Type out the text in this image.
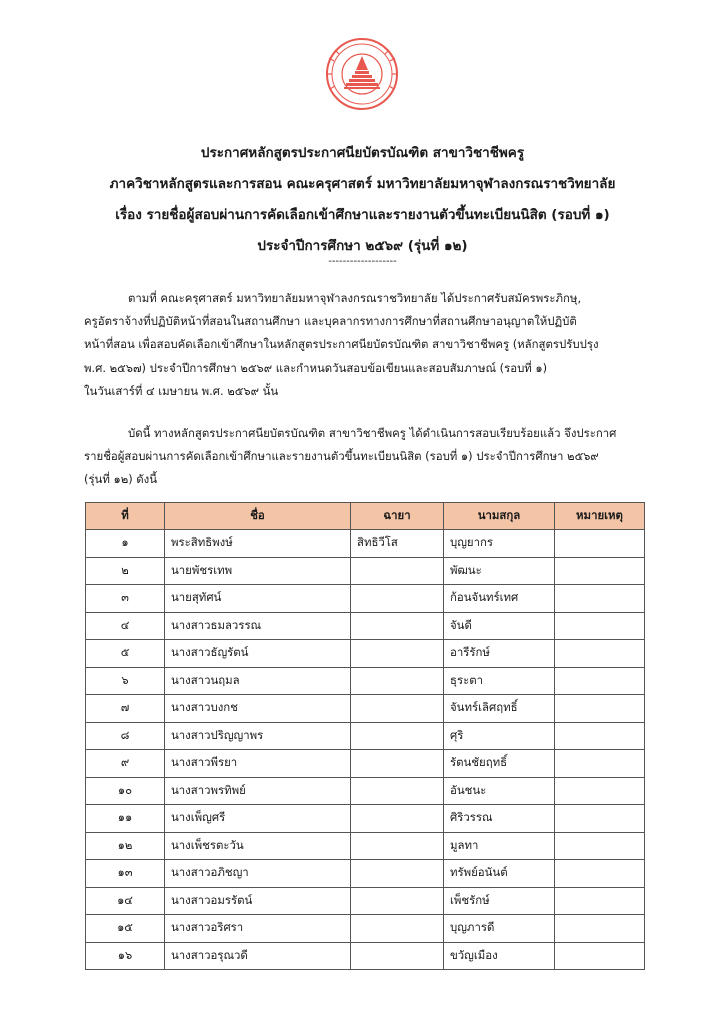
ประกาศหลักสูตรประกาศนียบัตรบัณฑิต สาขาวิชาชีพครู
ภาควิชาหลักสูตรและการสอน คณะครุศาสตร์ มหาวิทยาลัยมหาจุฬาลงกรณราชวิทยาลัย
เรื่อง รายชื่อผู้สอบผ่านการคัดเลือกเข้าศึกษาและรายงานตัวขึ้นทะเบียนนิสิต (รอบที่ ๑)
ประจำปีการศึกษา ๒๕๖๙ (รุ่นที่ ๑๒)
-------------------
ตามที่ คณะครุศาสตร์ มหาวิทยาลัยมหาจุฬาลงกรณราชวิทยาลัย ได้ประกาศรับสมัครพระภิกษุ,
ครูอัตราจ้างที่ปฏิบัติหน้าที่สอนในสถานศึกษา และบุคลากรทางการศึกษาที่สถานศึกษาอนุญาตให้ปฏิบัติ
หน้าที่สอน เพื่อสอบคัดเลือกเข้าศึกษาในหลักสูตรประกาศนียบัตรบัณฑิต สาขาวิชาชีพครู (หลักสูตรปรับปรุง
พ.ศ. ๒๕๖๗) ประจำปีการศึกษา ๒๕๖๙ และกำหนดวันสอบข้อเขียนและสอบสัมภาษณ์ (รอบที่ ๑)
ในวันเสาร์ที่ ๔ เมษายน พ.ศ. ๒๕๖๙ นั้น
บัดนี้ ทางหลักสูตรประกาศนียบัตรบัณฑิต สาขาวิชาชีพครู ได้ดำเนินการสอบเรียบร้อยแล้ว จึงประกาศ
รายชื่อผู้สอบผ่านการคัดเลือกเข้าศึกษาและรายงานตัวขึ้นทะเบียนนิสิต (รอบที่ ๑) ประจำปีการศึกษา ๒๕๖๙
(รุ่นที่ ๑๒) ดังนี้
ที่	ชื่อ	ฉายา	นามสกุล	หมายเหตุ
๑	พระสิทธิพงษ์	สิทธิวีโส	บุญยากร	
๒	นายพัชรเทพ		พัฒนะ	
๓	นายสุทัศน์		ก้อนจันทร์เทศ	
๔	นางสาวธมลวรรณ		จันดี	
๕	นางสาวธัญรัตน์		อารีรักษ์	
๖	นางสาวนฤมล		ธุระตา	
๗	นางสาวบงกช		จันทร์เลิศฤทธิ์	
๘	นางสาวปริญญาพร		ศุริ	
๙	นางสาวพีรยา		รัตนชัยฤทธิ์	
๑๐	นางสาวพรทิพย์		อันชนะ	
๑๑	นางเพ็ญศรี		ศิริวรรณ	
๑๒	นางเพ็ชรตะวัน		มูลทา	
๑๓	นางสาวอภิชญา		ทรัพย์อนันต์	
๑๔	นางสาวอมรรัตน์		เพ็ชรักษ์	
๑๕	นางสาวอริศรา		บุญภารดี	
๑๖	นางสาวอรุณวดี		ขวัญเมือง	
